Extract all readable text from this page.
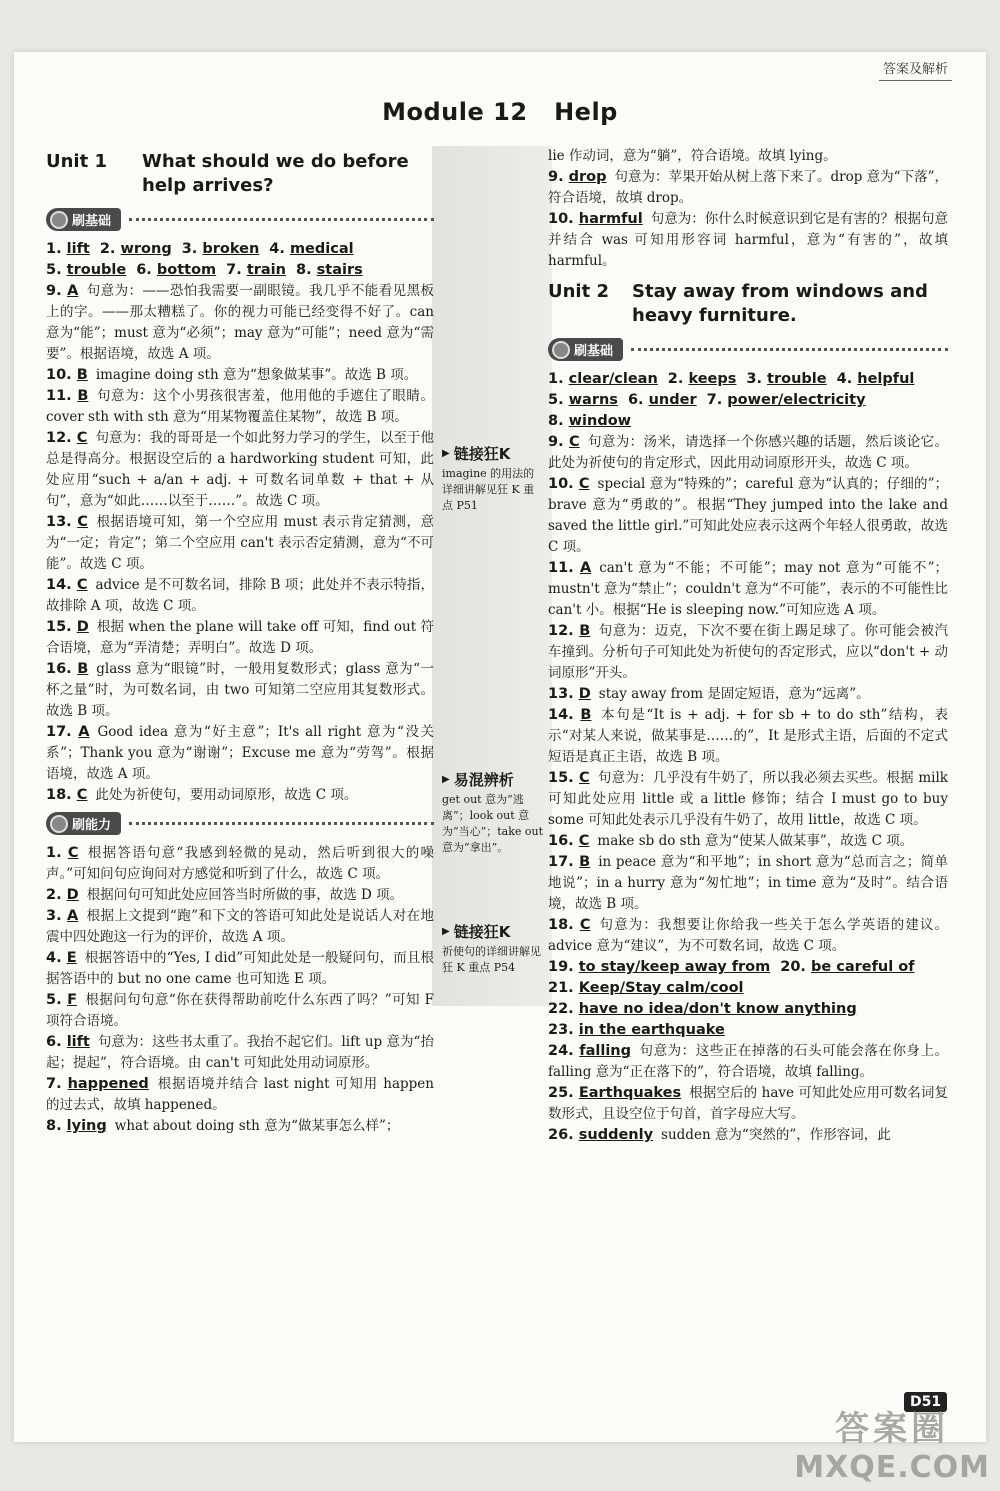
答案及解析
Module 12   Help
▶ 链接狂K
imagine 的用法的详细讲解见狂 K 重点 P51
▶ 易混辨析
get out 意为“逃离”；look out 意为“当心”；take out 意为“拿出”。
▶ 链接狂K
祈使句的详细讲解见狂 K 重点 P54
Unit 1	What should we do before help arrives?
刷基础
1. lift 2. wrong 3. broken 4. medical
5. trouble 6. bottom 7. train 8. stairs
9. A 句意为：——恐怕我需要一副眼镜。我几乎不能看见黑板上的字。——那太糟糕了。你的视力可能已经变得不好了。can 意为“能”；must 意为“必须”；may 意为“可能”；need 意为“需要”。根据语境，故选 A 项。
10. B imagine doing sth 意为“想象做某事”。故选 B 项。
11. B 句意为：这个小男孩很害羞，他用他的手遮住了眼睛。cover sth with sth 意为“用某物覆盖住某物”，故选 B 项。
12. C 句意为：我的哥哥是一个如此努力学习的学生，以至于他总是得高分。根据设空后的 a hardworking student 可知，此处应用“such + a/an + adj. + 可数名词单数 + that + 从句”，意为“如此……以至于……”。故选 C 项。
13. C 根据语境可知，第一个空应用 must 表示肯定猜测，意为“一定；肯定”；第二个空应用 can't 表示否定猜测，意为“不可能”。故选 C 项。
14. C advice 是不可数名词，排除 B 项；此处并不表示特指，故排除 A 项，故选 C 项。
15. D 根据 when the plane will take off 可知，find out 符合语境，意为“弄清楚；弄明白”。故选 D 项。
16. B glass 意为“眼镜”时，一般用复数形式；glass 意为“一杯之量”时，为可数名词，由 two 可知第二空应用其复数形式。故选 B 项。
17. A Good idea 意为“好主意”；It's all right 意为“没关系”；Thank you 意为“谢谢”；Excuse me 意为“劳驾”。根据语境，故选 A 项。
18. C 此处为祈使句，要用动词原形，故选 C 项。
刷能力
1. C 根据答语句意“我感到轻微的晃动，然后听到很大的噪声。”可知问句应询问对方感觉和听到了什么，故选 C 项。
2. D 根据问句可知此处应回答当时所做的事，故选 D 项。
3. A 根据上文提到“跑”和下文的答语可知此处是说话人对在地震中四处跑这一行为的评价，故选 A 项。
4. E 根据答语中的“Yes, I did”可知此处是一般疑问句，而且根据答语中的 but no one came 也可知选 E 项。
5. F 根据问句句意“你在获得帮助前吃什么东西了吗？”可知 F 项符合语境。
6. lift 句意为：这些书太重了。我抬不起它们。lift up 意为“抬起；提起”，符合语境。由 can't 可知此处用动词原形。
7. happened 根据语境并结合 last night 可知用 happen 的过去式，故填 happened。
8. lying what about doing sth 意为“做某事怎么样”；
lie 作动词，意为“躺”，符合语境。故填 lying。
9. drop 句意为：苹果开始从树上落下来了。drop 意为“下落”，符合语境，故填 drop。
10. harmful 句意为：你什么时候意识到它是有害的？根据句意并结合 was 可知用形容词 harmful，意为“有害的”，故填 harmful。
Unit 2	Stay away from windows and heavy furniture.
刷基础
1. clear/clean 2. keeps 3. trouble 4. helpful
5. warns 6. under 7. power/electricity
8. window
9. C 句意为：汤米，请选择一个你感兴趣的话题，然后谈论它。此处为祈使句的肯定形式，因此用动词原形开头，故选 C 项。
10. C special 意为“特殊的”；careful 意为“认真的；仔细的”；brave 意为“勇敢的”。根据“They jumped into the lake and saved the little girl.”可知此处应表示这两个年轻人很勇敢，故选 C 项。
11. A can't 意为“不能；不可能”；may not 意为“可能不”；mustn't 意为“禁止”；couldn't 意为“不可能”，表示的不可能性比 can't 小。根据“He is sleeping now.”可知应选 A 项。
12. B 句意为：迈克，下次不要在街上踢足球了。你可能会被汽车撞到。分析句子可知此处为祈使句的否定形式，应以“don't + 动词原形”开头。
13. D stay away from 是固定短语，意为“远离”。
14. B 本句是“It is + adj. + for sb + to do sth”结构，表示“对某人来说，做某事是……的”，It 是形式主语，后面的不定式短语是真正主语，故选 B 项。
15. C 句意为：几乎没有牛奶了，所以我必须去买些。根据 milk 可知此处应用 little 或 a little 修饰；结合 I must go to buy some 可知此处表示几乎没有牛奶了，故用 little，故选 C 项。
16. C make sb do sth 意为“使某人做某事”，故选 C 项。
17. B in peace 意为“和平地”；in short 意为“总而言之；简单地说”；in a hurry 意为“匆忙地”；in time 意为“及时”。结合语境，故选 B 项。
18. C 句意为：我想要让你给我一些关于怎么学英语的建议。advice 意为“建议”，为不可数名词，故选 C 项。
19. to stay/keep away from 20. be careful of
21. Keep/Stay calm/cool
22. have no idea/don't know anything
23. in the earthquake
24. falling 句意为：这些正在掉落的石头可能会落在你身上。falling 意为“正在落下的”，符合语境，故填 falling。
25. Earthquakes 根据空后的 have 可知此处应用可数名词复数形式，且设空位于句首，首字母应大写。
26. suddenly sudden 意为“突然的”，作形容词，此
D51
答案圈
MXQE.COM
